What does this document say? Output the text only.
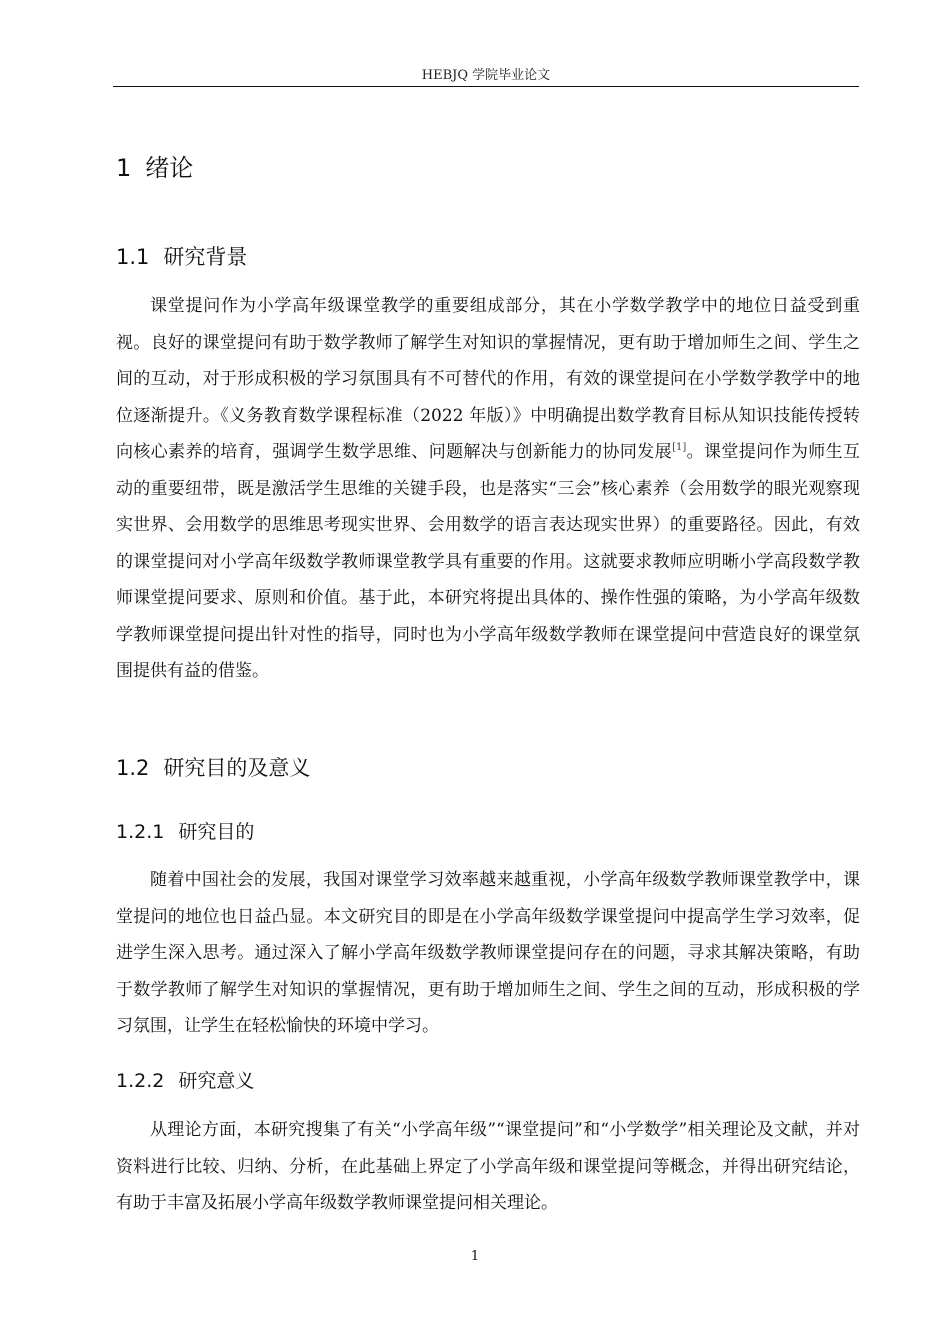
HEBJQ 学院毕业论文
1 绪论
1.1 研究背景
课堂提问作为小学高年级课堂教学的重要组成部分，其在小学数学教学中的地位日益受到重视。良好的课堂提问有助于数学教师了解学生对知识的掌握情况，更有助于增加师生之间、学生之间的互动，对于形成积极的学习氛围具有不可替代的作用，有效的课堂提问在小学数学教学中的地位逐渐提升。《义务教育数学课程标准（2022 年版）》中明确提出数学教育目标从知识技能传授转向核心素养的培育，强调学生数学思维、问题解决与创新能力的协同发展[1]。课堂提问作为师生互动的重要纽带，既是激活学生思维的关键手段，也是落实“三会”核心素养（会用数学的眼光观察现实世界、会用数学的思维思考现实世界、会用数学的语言表达现实世界）的重要路径。因此，有效的课堂提问对小学高年级数学教师课堂教学具有重要的作用。这就要求教师应明晰小学高段数学教师课堂提问要求、原则和价值。基于此，本研究将提出具体的、操作性强的策略，为小学高年级数学教师课堂提问提出针对性的指导，同时也为小学高年级数学教师在课堂提问中营造良好的课堂氛围提供有益的借鉴。
1.2 研究目的及意义
1.2.1 研究目的
随着中国社会的发展，我国对课堂学习效率越来越重视，小学高年级数学教师课堂教学中，课堂提问的地位也日益凸显。本文研究目的即是在小学高年级数学课堂提问中提高学生学习效率，促进学生深入思考。通过深入了解小学高年级数学教师课堂提问存在的问题，寻求其解决策略，有助于数学教师了解学生对知识的掌握情况，更有助于增加师生之间、学生之间的互动，形成积极的学习氛围，让学生在轻松愉快的环境中学习。
1.2.2 研究意义
从理论方面，本研究搜集了有关“小学高年级”“课堂提问”和“小学数学”相关理论及文献，并对资料进行比较、归纳、分析，在此基础上界定了小学高年级和课堂提问等概念，并得出研究结论，有助于丰富及拓展小学高年级数学教师课堂提问相关理论。
1
